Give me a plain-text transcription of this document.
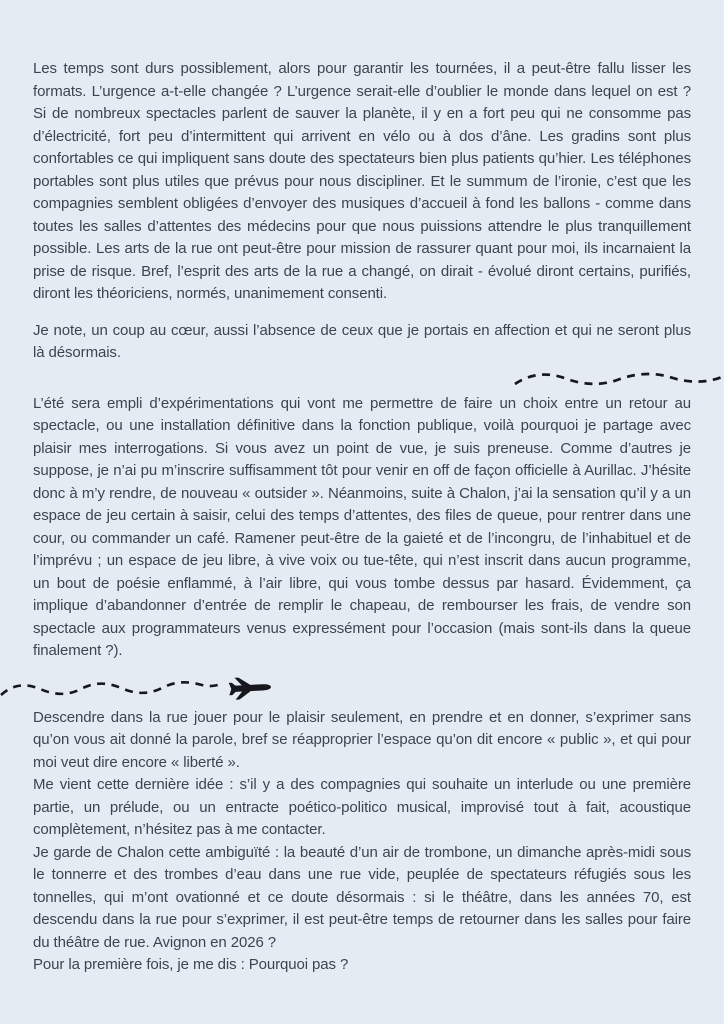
Les temps sont durs possiblement, alors pour garantir les tournées, il a peut-être fallu lisser les formats. L’urgence a-t-elle changée ? L’urgence serait-elle d’oublier le monde dans lequel on est ? Si de nombreux spectacles parlent de sauver la planète, il y en a fort peu qui ne consomme pas d’électricité, fort peu d’intermittent qui arrivent en vélo ou à dos d’âne. Les gradins sont plus confortables ce qui impliquent sans doute des spectateurs bien plus patients qu’hier. Les téléphones portables sont plus utiles que prévus pour nous discipliner. Et le summum de l’ironie, c’est que les compagnies semblent obligées d’envoyer des musiques d’accueil à fond les ballons - comme dans toutes les salles d’attentes des médecins pour que nous puissions attendre le plus tranquillement possible. Les arts de la rue ont peut-être pour mission de rassurer quant pour moi, ils incarnaient la prise de risque. Bref, l’esprit des arts de la rue a changé, on dirait - évolué diront certains, purifiés, diront les théoriciens, normés, unanimement consenti.

Je note, un coup au cœur, aussi l’absence de ceux que je portais en affection et qui ne seront plus là désormais.

L’été sera empli d’expérimentations qui vont me permettre de faire un choix entre un retour au spectacle, ou une installation définitive dans la fonction publique, voilà pourquoi je partage avec plaisir mes interrogations. Si vous avez un point de vue, je suis preneuse. Comme d’autres je suppose, je n’ai pu m’inscrire suffisamment tôt pour venir en off de façon officielle à Aurillac. J’hésite donc à m’y rendre, de nouveau « outsider ». Néanmoins, suite à Chalon, j’ai la sensation qu’il y a un espace de jeu certain à saisir, celui des temps d’attentes, des files de queue, pour rentrer dans une cour, ou commander un café. Ramener peut-être de la gaieté et de l’incongru, de l’inhabituel et de l’imprévu ; un espace de jeu libre, à vive voix ou tue-tête, qui n’est inscrit dans aucun programme, un bout de poésie enflammé, à l’air libre, qui vous tombe dessus par hasard. Évidemment, ça implique d’abandonner d’entrée de remplir le chapeau, de rembourser les frais, de vendre son spectacle aux programmateurs venus expressément pour l’occasion (mais sont-ils dans la queue finalement ?).

Descendre dans la rue jouer pour le plaisir seulement, en prendre et en donner, s’exprimer sans qu’on vous ait donné la parole, bref se réapproprier l’espace qu’on dit encore « public », et qui pour moi veut dire encore « liberté ».

Me vient cette dernière idée : s’il y a des compagnies qui souhaite un interlude ou une première partie, un prélude, ou un entracte poético-politico musical, improvisé tout à fait, acoustique complètement, n’hésitez pas à me contacter.

Je garde de Chalon cette ambiguïté : la beauté d’un air de trombone, un dimanche après-midi sous le tonnerre et des trombes d’eau dans une rue vide, peuplée de spectateurs réfugiés sous les tonnelles, qui m’ont ovationné et ce doute désormais : si le théâtre, dans les années 70, est descendu dans la rue pour s’exprimer, il est peut-être temps de retourner dans les salles pour faire du théâtre de rue. Avignon en 2026 ?

Pour la première fois, je me dis : Pourquoi pas ?
